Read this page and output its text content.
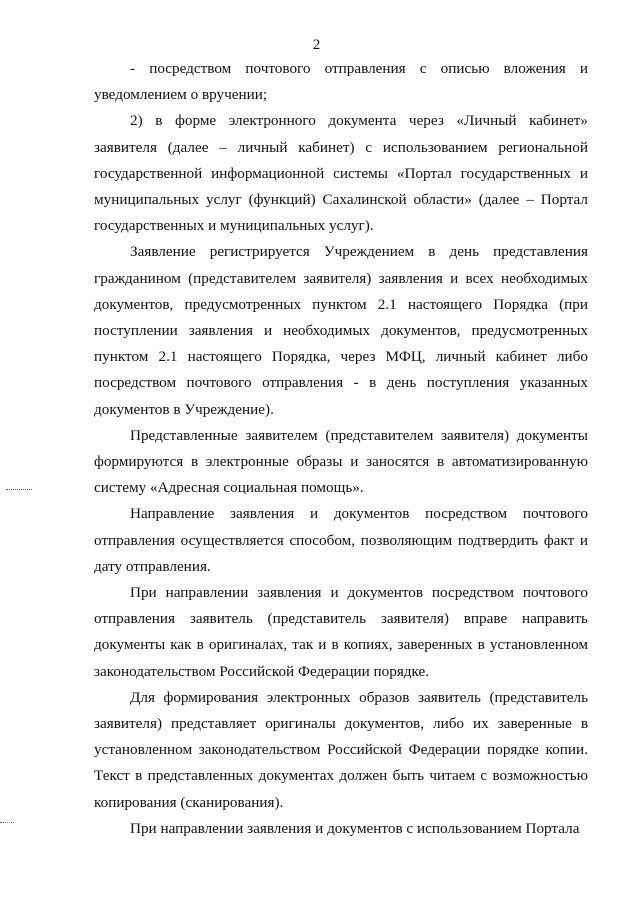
2

- посредством почтового отправления с описью вложения и уведомлением о вручении;

2) в форме электронного документа через «Личный кабинет» заявителя (далее – личный кабинет) с использованием региональной государственной информационной системы «Портал государственных и муниципальных услуг (функций) Сахалинской области» (далее – Портал государственных и муниципальных услуг).

Заявление регистрируется Учреждением в день представления гражданином (представителем заявителя) заявления и всех необходимых документов, предусмотренных пунктом 2.1 настоящего Порядка (при поступлении заявления и необходимых документов, предусмотренных пунктом 2.1 настоящего Порядка, через МФЦ, личный кабинет либо посредством почтового отправления - в день поступления указанных документов в Учреждение).

Представленные заявителем (представителем заявителя) документы формируются в электронные образы и заносятся в автоматизированную систему «Адресная социальная помощь».

Направление заявления и документов посредством почтового отправления осуществляется способом, позволяющим подтвердить факт и дату отправления.

При направлении заявления и документов посредством почтового отправления заявитель (представитель заявителя) вправе направить документы как в оригиналах, так и в копиях, заверенных в установленном законодательством Российской Федерации порядке.

Для формирования электронных образов заявитель (представитель заявителя) представляет оригиналы документов, либо их заверенные в установленном законодательством Российской Федерации порядке копии. Текст в представленных документах должен быть читаем с возможностью копирования (сканирования).

При направлении заявления и документов с использованием Портала
